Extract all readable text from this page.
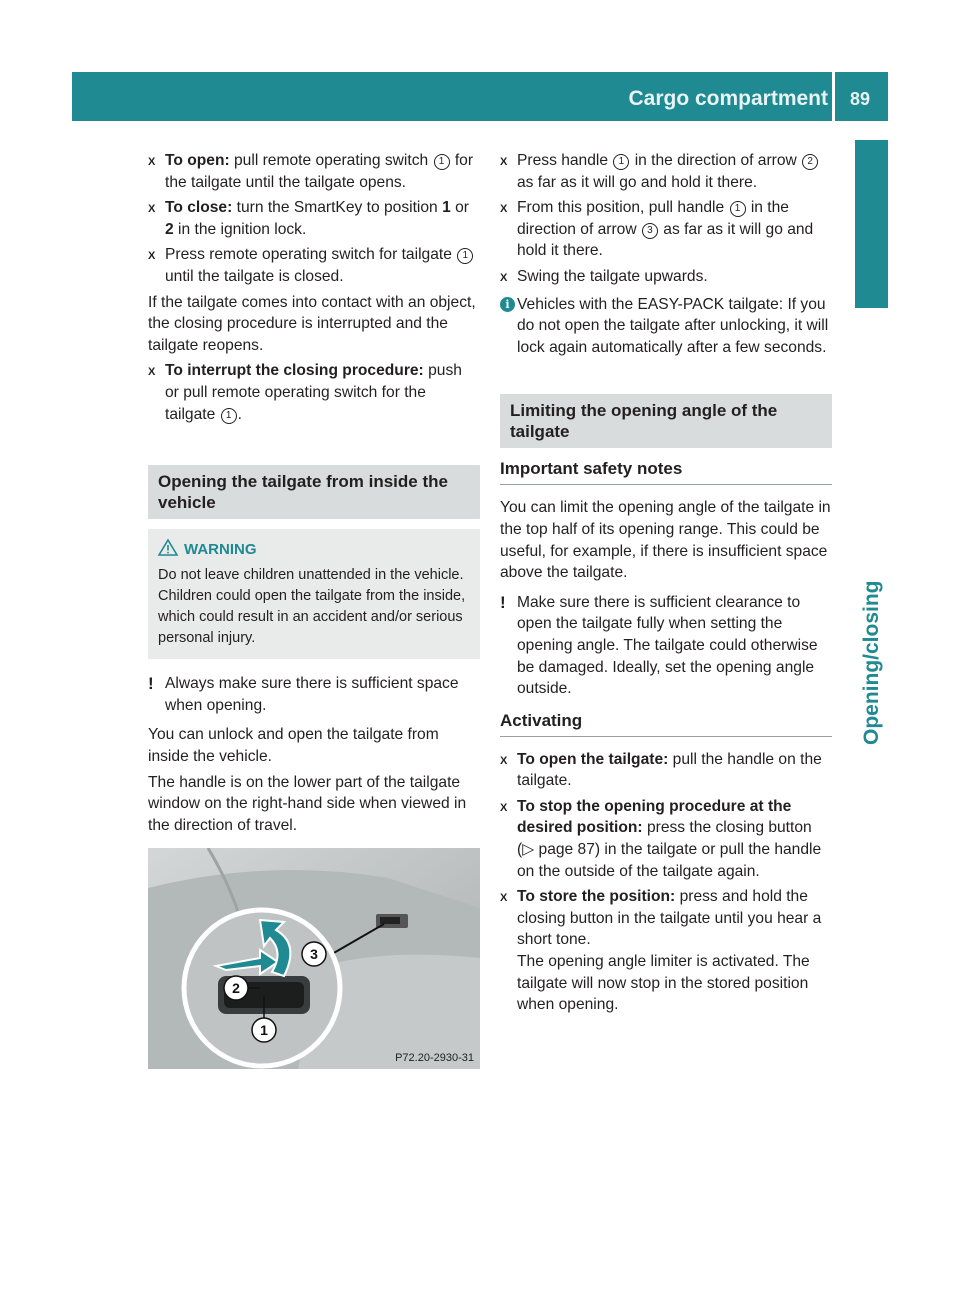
Cargo compartment	89
Opening/closing
X To open: pull remote operating switch 1 for the tailgate until the tailgate opens.
X To close: turn the SmartKey to position 1 or 2 in the ignition lock.
X Press remote operating switch for tailgate 1 until the tailgate is closed.

If the tailgate comes into contact with an object, the closing procedure is interrupted and the tailgate reopens.

X To interrupt the closing procedure: push or pull remote operating switch for the tailgate 1 .
Opening the tailgate from inside the vehicle
WARNING
Do not leave children unattended in the vehicle. Children could open the tailgate from the inside, which could result in an accident and/or serious personal injury.
! Always make sure there is sufficient space when opening.

You can unlock and open the tailgate from inside the vehicle.

The handle is on the lower part of the tailgate window on the right-hand side when viewed in the direction of travel.

1
2
3
P72.20-2930-31
X Press handle 1 in the direction of arrow 2 as far as it will go and hold it there.
X From this position, pull handle 1 in the direction of arrow 3 as far as it will go and hold it there.
X Swing the tailgate upwards.
i Vehicles with the EASY-PACK tailgate: If you do not open the tailgate after unlocking, it will lock again automatically after a few seconds.
Limiting the opening angle of the tailgate
Important safety notes

You can limit the opening angle of the tailgate in the top half of its opening range. This could be useful, for example, if there is insufficient space above the tailgate.

! Make sure there is sufficient clearance to open the tailgate fully when setting the opening angle. The tailgate could otherwise be damaged. Ideally, set the opening angle outside.
Activating
X To open the tailgate: pull the handle on the tailgate.
X To stop the opening procedure at the desired position: press the closing button (▷ page 87) in the tailgate or pull the handle on the outside of the tailgate again.
X To store the position: press and hold the closing button in the tailgate until you hear a short tone.
The opening angle limiter is activated. The tailgate will now stop in the stored position when opening.
